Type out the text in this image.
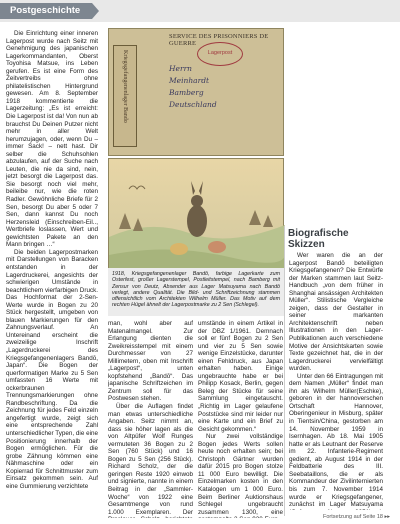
Postgeschichte

Die Einrichtung einer inneren Lagerpost wurde nach Seitz mit Genehmigung des japanischen Lagerkommandanten, Oberst Toyohisa Matsue, ins Leben gerufen. Es ist eine Form des Zeitvertreibs ohne philatelistischen Hintergrund gewesen. Am 8. September 1918 kommentierte die Lagerzeitung: „Es ist erreicht: Die Lagerpost ist da! Von nun ab brauchst Du Deinen Putzer nicht mehr in aller Welt herumzujagen, oder, wenn Du – immer Sack! – nett hast. Dir selber die Schuhsohlen abzulaufen, auf der Suche nach Leuten, die nie da sind, nein, jetzt besorgt die Lagerpost das. Sie besorgt noch viel mehr, beileibe nur, wie die roten Radler. Gewöhnliche Briefe für 2 Sen, besorgt Du aber 5 oder 7 Sen, dann kannst Du noch Herzensleid (Einschreiben-Eil.., Wertbriefe loslassen, Wert und gewichtsten Pakete an den Mann bringen …“

Die beiden Lagerpostmarken mit Darstellungen von Baracken entstanden in der Lagerdruckerei, angesichts der schwierigen Umstände in beachtlichem vierfarbigen Druck. Das Hochformat der 2-Sen-Werte wurde in Bogen zu 20 Stück hergestellt, umgeben von blauen Markierungen für den Zahnungsverlauf. An Untereinand erscheint die zweizeilige Inschrift „Lagerdruckerei des Kriegsgefangenenlagers Bandō, Japan“. Die Bogen der querformatigen Marke zu 5 Sen umfassten 16 Werte mit ockerbraunen Trennungsmarkierungen ohne Randbeschriftung. Da die Zeichnung für jedes Feld einzeln angefertigt wurde, zeigt sich eine entsprechende Zahl unterschiedlicher Typen, die eine Positionierung innerhalb der Bogen ermöglichen. Für die grobe Zähnung kömmen eine Nähmaschine oder ein Kopierrad für Schnittmuster zum Einsatz gekommen sein. Auf eine Gummierung verzichtete

SERVICE DES PRISONNIERS DE GUERRE
Kriegsgefangenenlager Bando	Lagerpost
Herrn
Meinhardt
Bamberg
Deutschland
1918, Kriegsgefangenenlager Bandō, farbige Lagerkarte zum Osterfest, großer Lagerstempel, Postleitstempel, nach Bamberg mit Zensur von Deutz, Absender aus Lager Matsuyama nach Bandō verlegt, andere Qualität. Die Bild- und Schriftzeichnung stammen offensichtlich vom Architekten Wilhelm Müller. Das Motiv auf dem rechten Hügel ähnelt der Lagerpostmarke zu 2 Sen (Schlegel).

man, wohl aber auf Matenalmangel. Zur Erlangung dienten die Zweikreisstempel mit einem Durchmesser von 27 Millimetern, oben mit Inschrift „Lagerpost“, unten kopfstehend „Bandō“. Das japanische Schriftzeichen im Zentrum soll für das Postwesen stehen.

Über die Auflagen findet man etwas unterschiedliche Angaben. Seitz nimmt an, dass sie höher lagen als die von Altpüfer Wolf Runges vermuteten 36 Bogen zu 2 Sen (760 Stück) und 16 Bogen zu 5 Sen (256 Stück). Richard Scholz, der die geringen Reste 1920 einwob und signierte, nannte in einem Beitrag in der „Sammler-Woche“ von 1922 eine Gesamtmenge von rund 1.000 Exemplaren. Der

umstände in einem Artikel in der DBZ 1/1961. Demnach soll er fünf Bogen zu 2 Sen und vier zu 5 Sen sowie wenige Einzelstücke, darunter einen Fehldruck, aus Japan erhalten haben. Einige ungebrauchte habe er bei Philipp Kosack, Berlin, gegen Beleg der Stücke für seine Sammlung eingetauscht. „Richtig im Lager gelaufene Poststücke sind mir leider nur eine Karte und ein Brief zu Gesicht gekommen.“

Nur zwei vollständige Bogen jedes Werts sollen heute noch erhalten sein; bei Christoph Gärtner wurden dafür 2015 pro Bogen stolze 11 000 Euro bewilligt. Die Einzelmarken kosten in den Katalogen um 1 000 Euro. Beim Berliner Auktionshaus Schlegel ungebraucht zusammen 1300, eine

Biografische Skizzen

Wer waren die an der Lagerpost Bandō beteiligten Kriegsgefangenen? Die Entwürfe der Marken stammen laut Seitz-Handbuch „von dem früher in Shanghai ansässigen Architekten Müller“. Stilistische Vergleiche zeigen, dass der Gestalter in seiner markanten Architektenschrift neben Illustrationen in den Lager-Publikationen auch verschiedene Motive der Ansichtskarten sowie Texte gezeichnet hat, die in der Lagerdruckerei vervielfältigt wurden.

Unter den 66 Eintragungen mit dem Namen „Müller“ findet man ihn als Wilhelm Müller(Eschke), geboren in der hannoverschen Ortschaft Hannover, Oberingenieur in Misburg, später in Tientsin/China, gestorben am 14. November 1959 in Isernhagen. Ab 18. Mai 1905 hatte er als Leutnant der Reserve im 22. Infanterie-Regiment gedient, ab August 1914 in der Feldbatterie des III. Seebataillons, die er als Kommandeur der Zivilinternierten bis zum 7. November 1914 wurde er Kriegsgefangener, zunächst im Lager Matsuyama

Fortsetzung auf Seite 18 ▸▸
